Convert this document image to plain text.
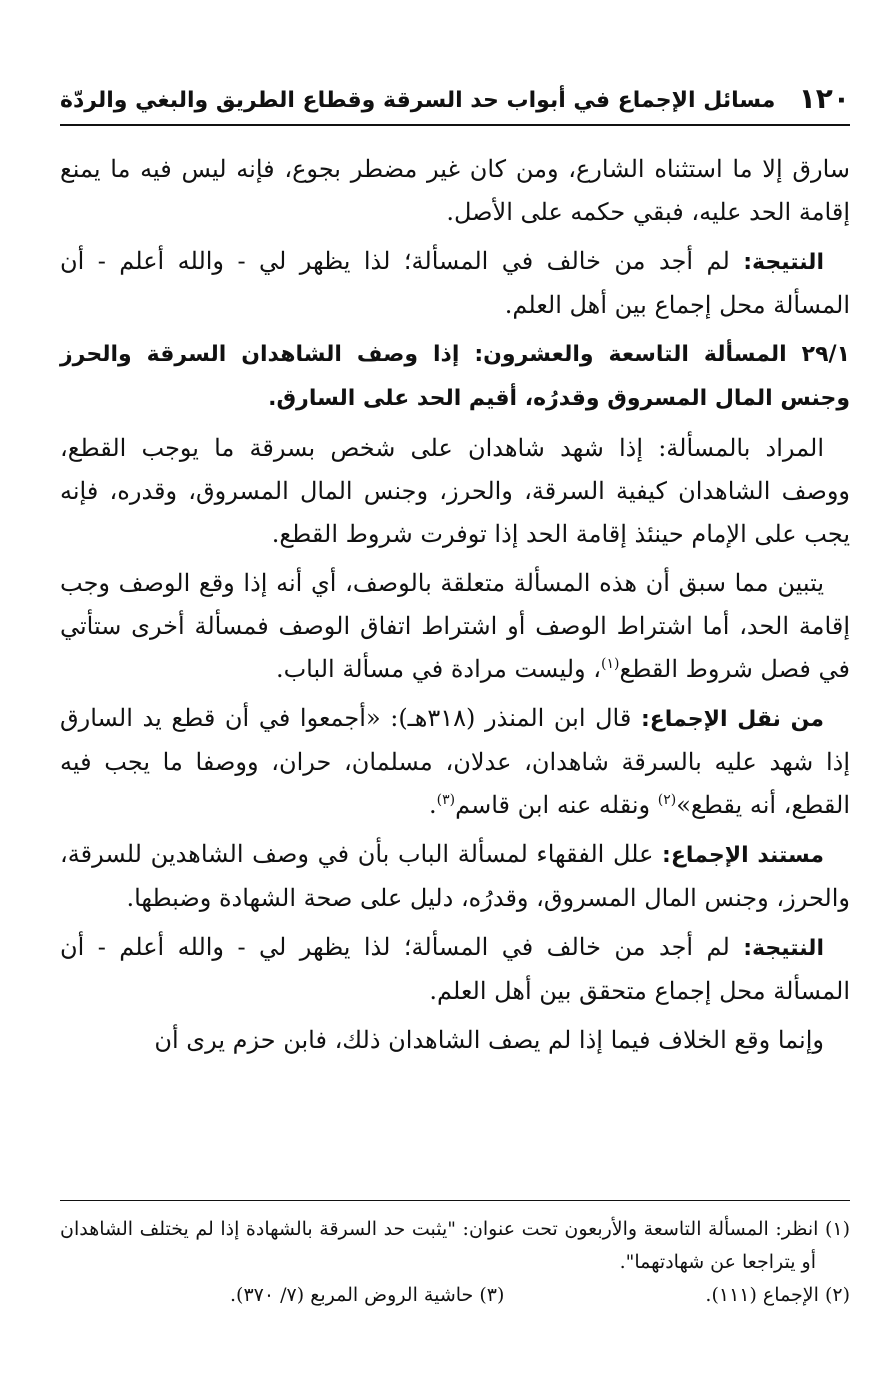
١٢٠
مسائل الإجماع في أبواب حد السرقة وقطاع الطريق والبغي والردّة

سارق إلا ما استثناه الشارع، ومن كان غير مضطر بجوع، فإنه ليس فيه ما يمنع إقامة الحد عليه، فبقي حكمه على الأصل.

النتيجة: لم أجد من خالف في المسألة؛ لذا يظهر لي - والله أعلم - أن المسألة محل إجماع بين أهل العلم.

٢٩/١ المسألة التاسعة والعشرون: إذا وصف الشاهدان السرقة والحرز وجنس المال المسروق وقدرُه، أقيم الحد على السارق.

المراد بالمسألة: إذا شهد شاهدان على شخص بسرقة ما يوجب القطع، ووصف الشاهدان كيفية السرقة، والحرز، وجنس المال المسروق، وقدره، فإنه يجب على الإمام حينئذ إقامة الحد إذا توفرت شروط القطع.

يتبين مما سبق أن هذه المسألة متعلقة بالوصف، أي أنه إذا وقع الوصف وجب إقامة الحد، أما اشتراط الوصف أو اشتراط اتفاق الوصف فمسألة أخرى ستأتي في فصل شروط القطع$^{(١)}$، وليست مرادة في مسألة الباب.

من نقل الإجماع: قال ابن المنذر (٣١٨هـ): «أجمعوا في أن قطع يد السارق إذا شهد عليه بالسرقة شاهدان، عدلان، مسلمان، حران، ووصفا ما يجب فيه القطع، أنه يقطع»$^{(٢)}$ ونقله عنه ابن قاسم$^{(٣)}$.

مستند الإجماع: علل الفقهاء لمسألة الباب بأن في وصف الشاهدين للسرقة، والحرز، وجنس المال المسروق، وقدرُه، دليل على صحة الشهادة وضبطها.

النتيجة: لم أجد من خالف في المسألة؛ لذا يظهر لي - والله أعلم - أن المسألة محل إجماع متحقق بين أهل العلم.

وإنما وقع الخلاف فيما إذا لم يصف الشاهدان ذلك، فابن حزم يرى أن

(١) انظر: المسألة التاسعة والأربعون تحت عنوان: "يثبت حد السرقة بالشهادة إذا لم يختلف الشاهدان أو يتراجعا عن شهادتهما".

(٢) الإجماع (١١١).
(٣) حاشية الروض المربع (٧/ ٣٧٠).
